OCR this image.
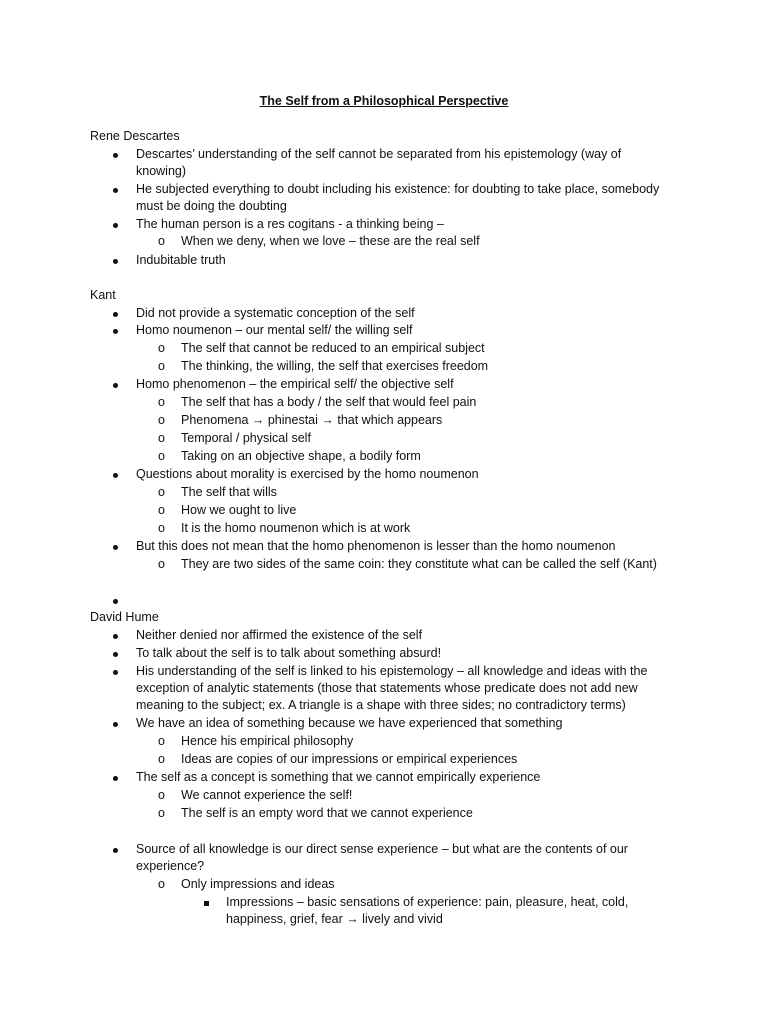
The Self from a Philosophical Perspective
Rene Descartes
Descartes’ understanding of the self cannot be separated from his epistemology (way of
knowing)
He subjected everything to doubt including his existence: for doubting to take place, somebody
must be doing the doubting
The human person is a res cogitans - a thinking being –
o When we deny, when we love – these are the real self
Indubitable truth
Kant
Did not provide a systematic conception of the self
Homo noumenon – our mental self/ the willing self
o The self that cannot be reduced to an empirical subject
o The thinking, the willing, the self that exercises freedom
Homo phenomenon – the empirical self/ the objective self
o The self that has a body / the self that would feel pain
o Phenomena → phinestai → that which appears
o Temporal / physical self
o Taking on an objective shape, a bodily form
Questions about morality is exercised by the homo noumenon
o The self that wills
o How we ought to live
o It is the homo noumenon which is at work
But this does not mean that the homo phenomenon is lesser than the homo noumenon
o They are two sides of the same coin: they constitute what can be called the self (Kant)
David Hume
Neither denied nor affirmed the existence of the self
To talk about the self is to talk about something absurd!
His understanding of the self is linked to his epistemology – all knowledge and ideas with the
exception of analytic statements (those that statements whose predicate does not add new
meaning to the subject; ex. A triangle is a shape with three sides; no contradictory terms)
We have an idea of something because we have experienced that something
o Hence his empirical philosophy
o Ideas are copies of our impressions or empirical experiences
The self as a concept is something that we cannot empirically experience
o We cannot experience the self!
o The self is an empty word that we cannot experience
Source of all knowledge is our direct sense experience – but what are the contents of our
experience?
o Only impressions and ideas
Impressions – basic sensations of experience: pain, pleasure, heat, cold,
happiness, grief, fear → lively and vivid
